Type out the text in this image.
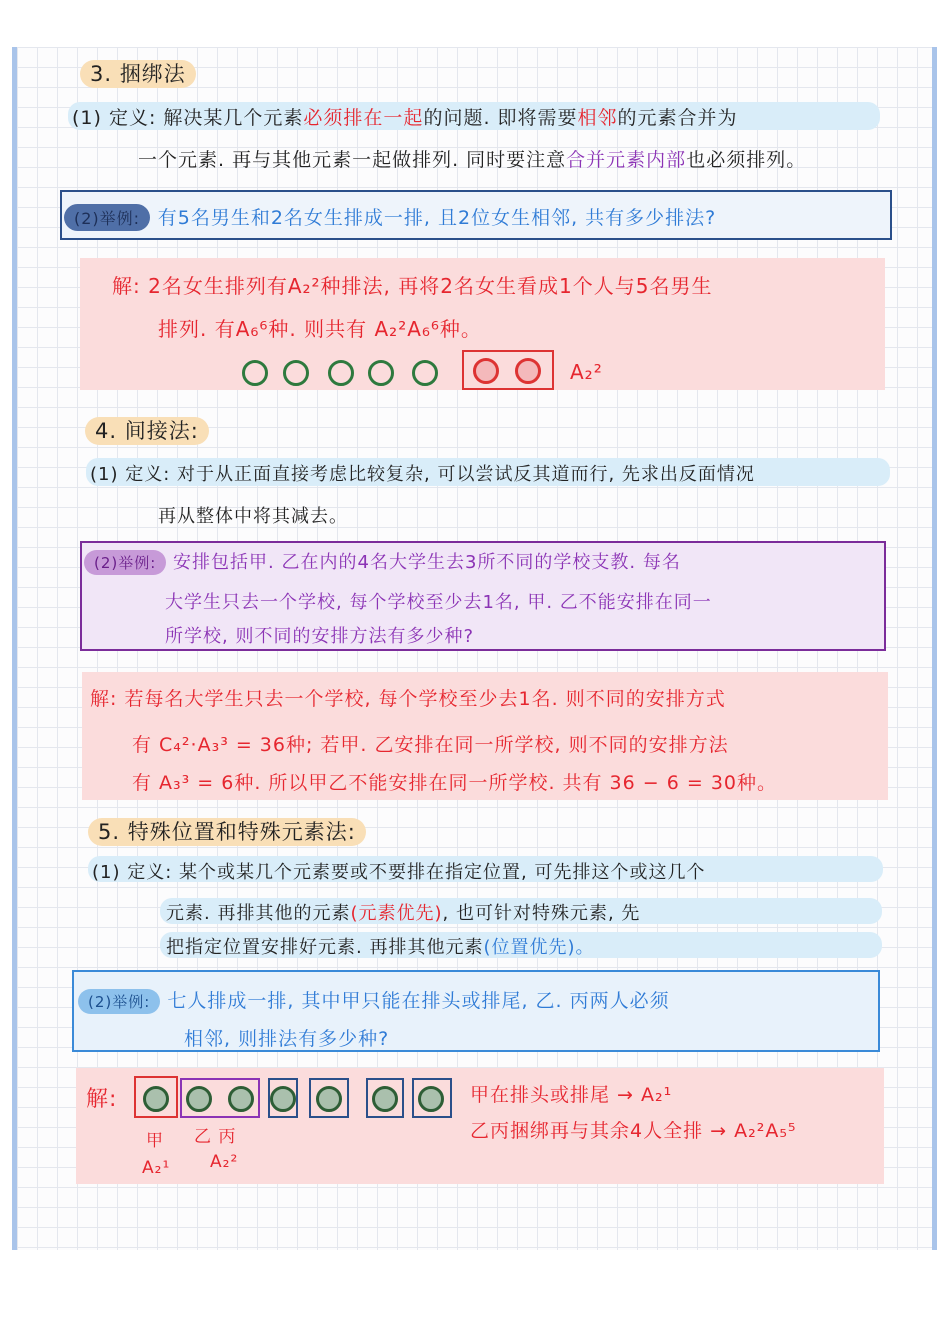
3. 捆绑法
(1) 定义: 解决某几个元素必须排在一起的问题. 即将需要相邻的元素合并为
一个元素. 再与其他元素一起做排列. 同时要注意合并元素内部也必须排列。
(2)举例: 有5名男生和2名女生排成一排, 且2位女生相邻, 共有多少排法?
解: 2名女生排列有A₂²种排法, 再将2名女生看成1个人与5名男生
排列. 有A₆⁶种. 则共有 A₂²A₆⁶种。
A₂²
4. 间接法:
(1) 定义: 对于从正面直接考虑比较复杂, 可以尝试反其道而行, 先求出反面情况
再从整体中将其减去。
(2)举例: 安排包括甲. 乙在内的4名大学生去3所不同的学校支教. 每名
大学生只去一个学校, 每个学校至少去1名, 甲. 乙不能安排在同一
所学校, 则不同的安排方法有多少种?
解: 若每名大学生只去一个学校, 每个学校至少去1名. 则不同的安排方式
有 C₄²·A₃³ = 36种; 若甲. 乙安排在同一所学校, 则不同的安排方法
有 A₃³ = 6种. 所以甲乙不能安排在同一所学校. 共有 36 − 6 = 30种。
5. 特殊位置和特殊元素法:
(1) 定义: 某个或某几个元素要或不要排在指定位置, 可先排这个或这几个
元素. 再排其他的元素(元素优先), 也可针对特殊元素, 先
把指定位置安排好元素. 再排其他元素(位置优先)。
(2)举例: 七人排成一排, 其中甲只能在排头或排尾, 乙. 丙两人必须
相邻, 则排法有多少种?
解:
甲
A₂¹
乙 丙
A₂²
甲在排头或排尾 → A₂¹
乙丙捆绑再与其余4人全排 → A₂²A₅⁵
